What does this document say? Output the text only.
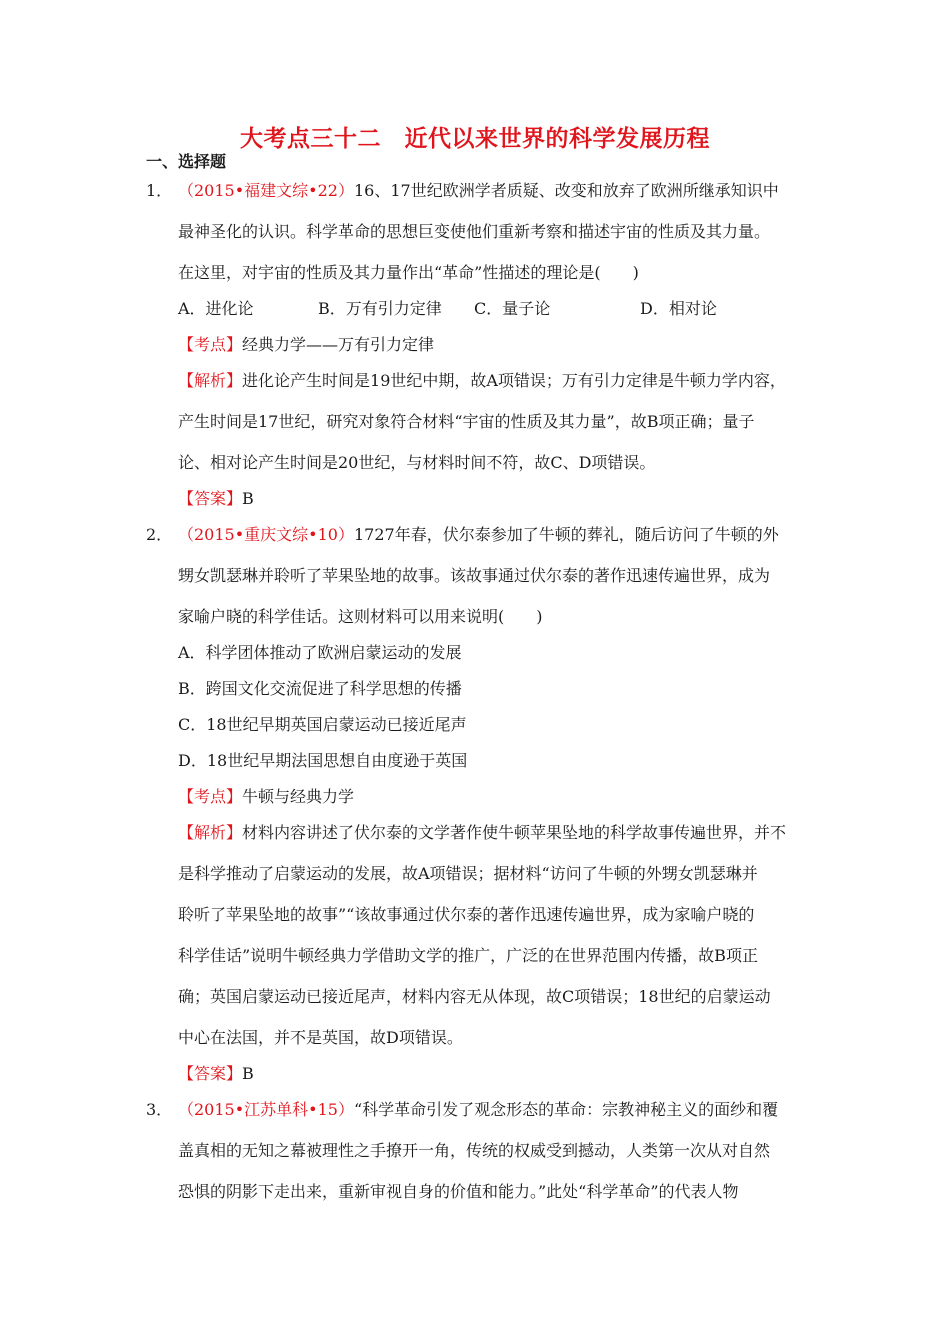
大考点三十二　近代以来世界的科学发展历程
一、选择题
1． （2015•福建文综•22）16、17世纪欧洲学者质疑、改变和放弃了欧洲所继承知识中
最神圣化的认识。科学革命的思想巨变使他们重新考察和描述宇宙的性质及其力量。
在这里，对宇宙的性质及其力量作出“革命”性描述的理论是(　　)
A．进化论	B．万有引力定律 C．量子论	D．相对论
【考点】经典力学——万有引力定律
【解析】进化论产生时间是19世纪中期，故A项错误；万有引力定律是牛顿力学内容，
产生时间是17世纪，研究对象符合材料“宇宙的性质及其力量”，故B项正确；量子
论、相对论产生时间是20世纪，与材料时间不符，故C、D项错误。
【答案】B
2． （2015•重庆文综•10）1727年春，伏尔泰参加了牛顿的葬礼，随后访问了牛顿的外
甥女凯瑟琳并聆听了苹果坠地的故事。该故事通过伏尔泰的著作迅速传遍世界，成为
家喻户晓的科学佳话。这则材料可以用来说明(　　)
A．科学团体推动了欧洲启蒙运动的发展
B．跨国文化交流促进了科学思想的传播
C．18世纪早期英国启蒙运动已接近尾声
D．18世纪早期法国思想自由度逊于英国
【考点】牛顿与经典力学
【解析】材料内容讲述了伏尔泰的文学著作使牛顿苹果坠地的科学故事传遍世界，并不
是科学推动了启蒙运动的发展，故A项错误；据材料“访问了牛顿的外甥女凯瑟琳并
聆听了苹果坠地的故事”“该故事通过伏尔泰的著作迅速传遍世界，成为家喻户晓的
科学佳话”说明牛顿经典力学借助文学的推广，广泛的在世界范围内传播，故B项正
确；英国启蒙运动已接近尾声，材料内容无从体现，故C项错误；18世纪的启蒙运动
中心在法国，并不是英国，故D项错误。
【答案】B
3． （2015•江苏单科•15）“科学革命引发了观念形态的革命：宗教神秘主义的面纱和覆
盖真相的无知之幕被理性之手撩开一角，传统的权威受到撼动，人类第一次从对自然
恐惧的阴影下走出来，重新审视自身的价值和能力。”此处“科学革命”的代表人物
